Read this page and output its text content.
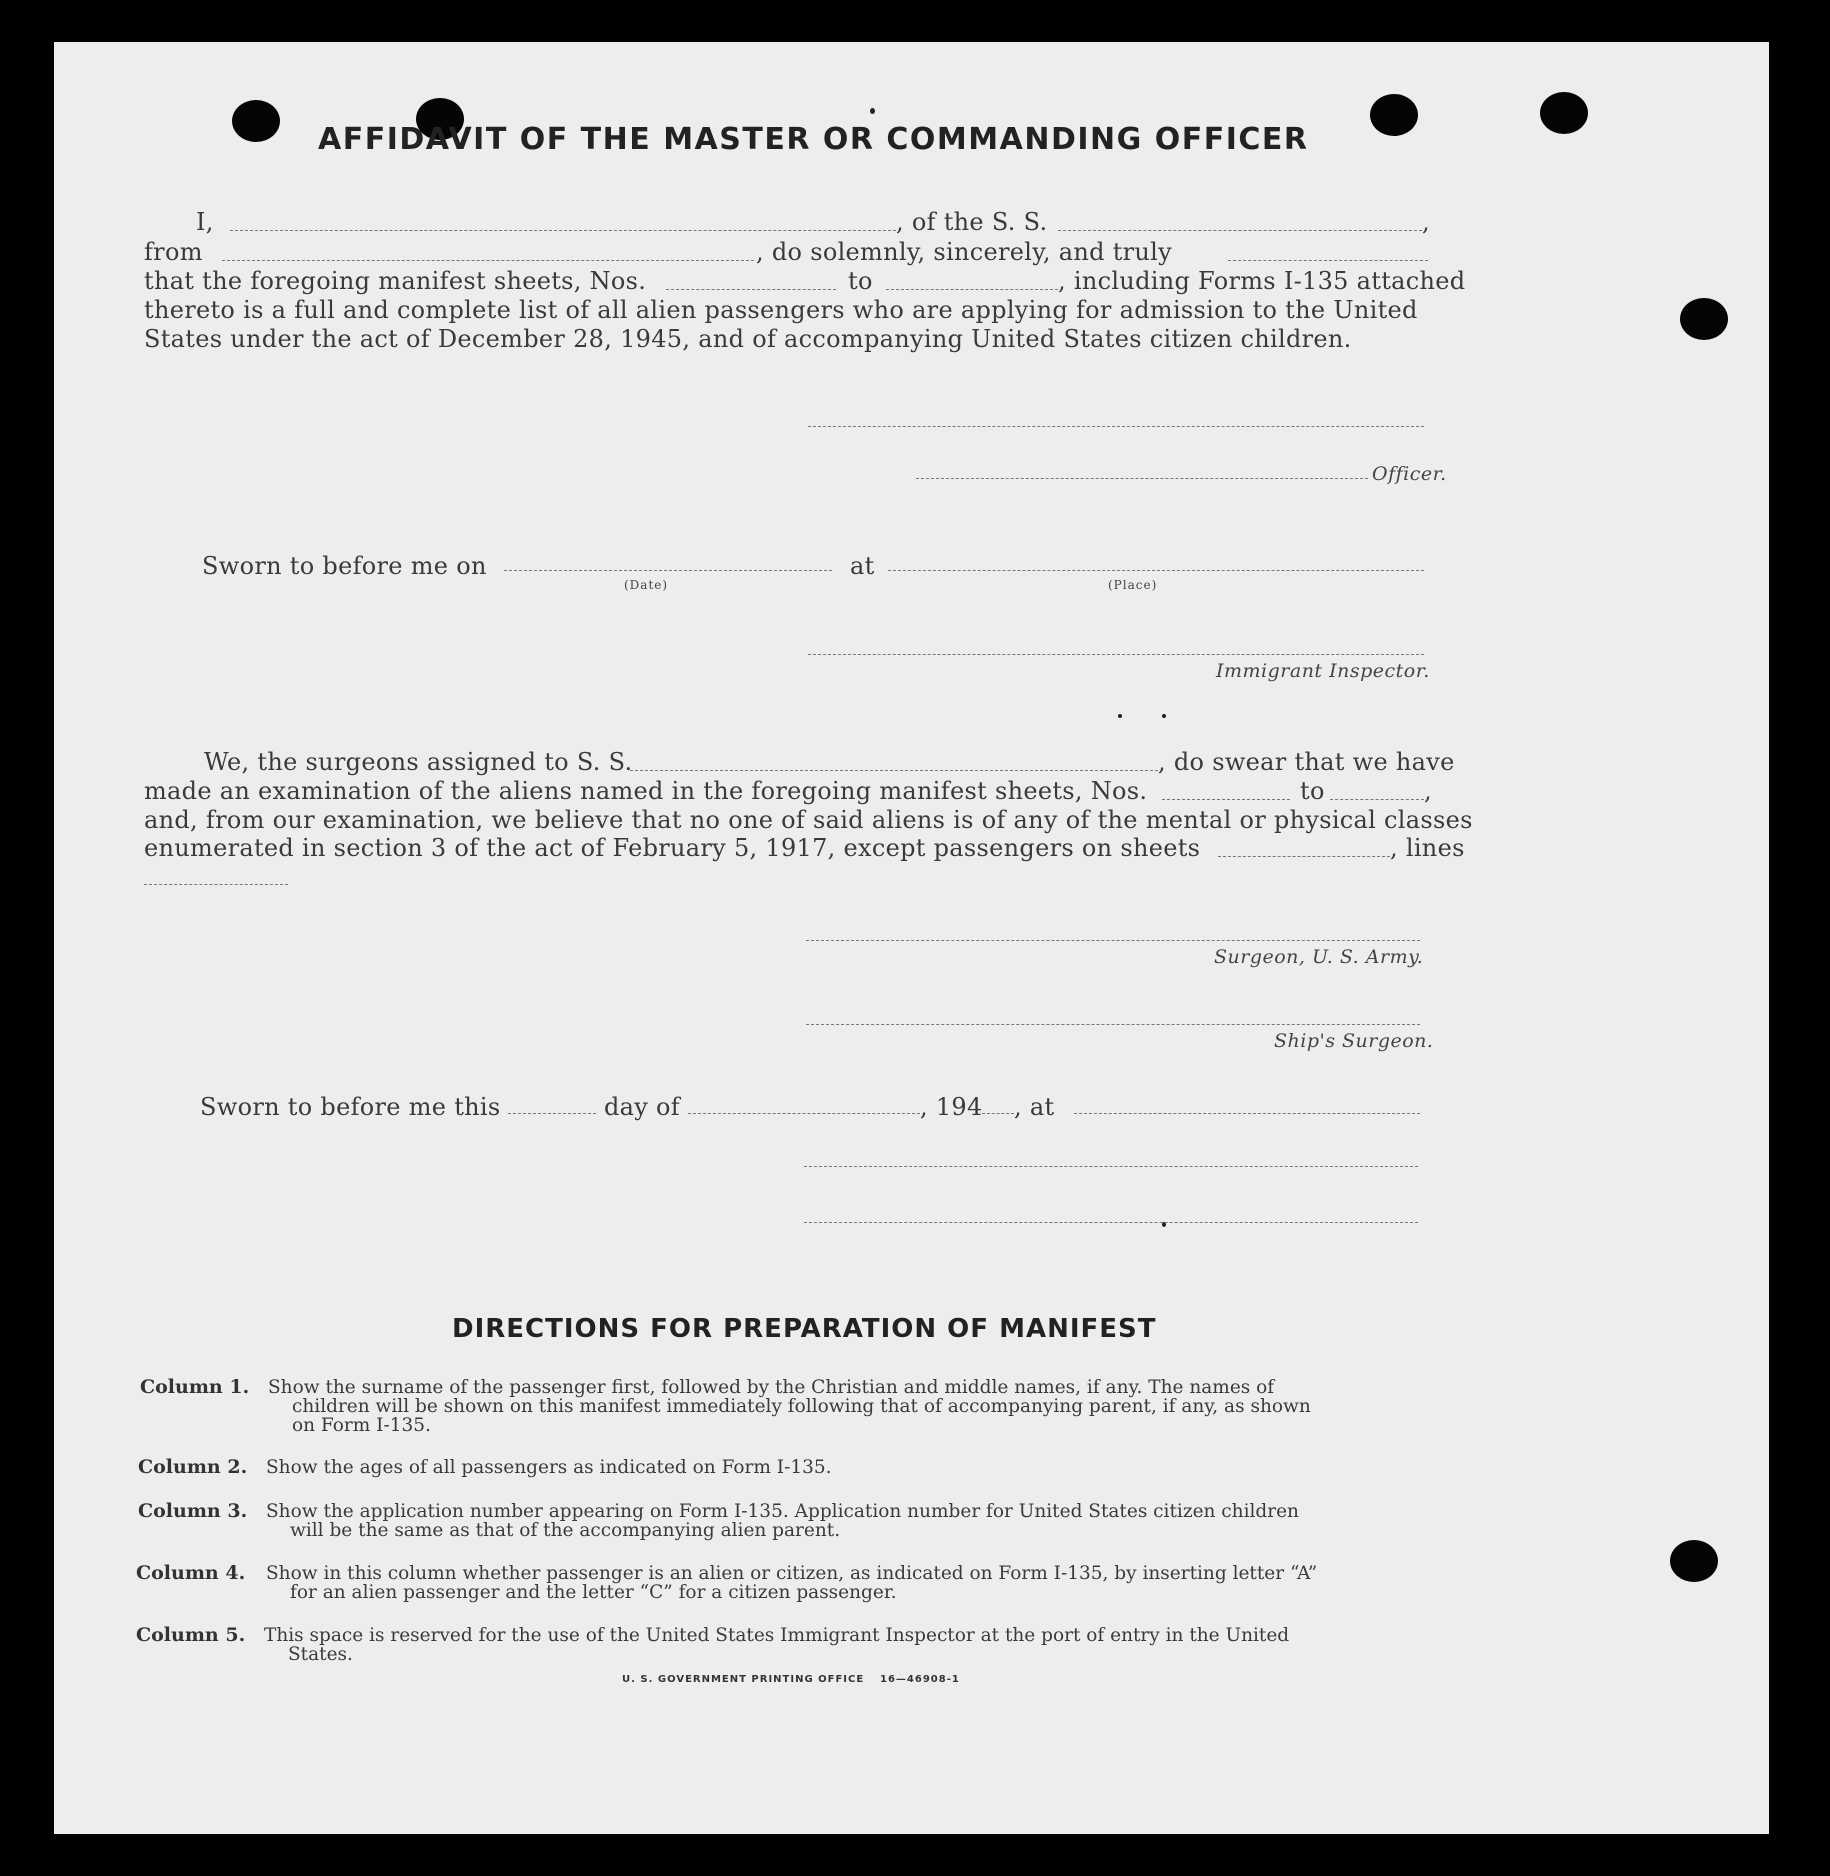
AFFIDAVIT OF THE MASTER OR COMMANDING OFFICER
I,	, of the S. S.	,
from	, do solemnly, sincerely, and truly
that the foregoing manifest sheets, Nos.	to	, including Forms I-135 attached
thereto is a full and complete list of all alien passengers who are applying for admission to the United
States under the act of December 28, 1945, and of accompanying United States citizen children.
Officer.
Sworn to before me on	at
(Date)	(Place)
Immigrant Inspector.
We, the surgeons assigned to S. S.	, do swear that we have
made an examination of the aliens named in the foregoing manifest sheets, Nos.	to	,
and, from our examination, we believe that no one of said aliens is of any of the mental or physical classes
enumerated in section 3 of the act of February 5, 1917, except passengers on sheets	, lines
Surgeon, U. S. Army.
Ship's Surgeon.
Sworn to before me this	day of	, 194 , at
DIRECTIONS FOR PREPARATION OF MANIFEST
Column 1. Show the surname of the passenger first, followed by the Christian and middle names, if any. The names of
children will be shown on this manifest immediately following that of accompanying parent, if any, as shown
on Form I-135.
Column 2. Show the ages of all passengers as indicated on Form I-135.
Column 3. Show the application number appearing on Form I-135. Application number for United States citizen children
will be the same as that of the accompanying alien parent.
Column 4. Show in this column whether passenger is an alien or citizen, as indicated on Form I-135, by inserting letter “A”
for an alien passenger and the letter “C” for a citizen passenger.
Column 5. This space is reserved for the use of the United States Immigrant Inspector at the port of entry in the United
States.
U. S. GOVERNMENT PRINTING OFFICE 16—46908-1
